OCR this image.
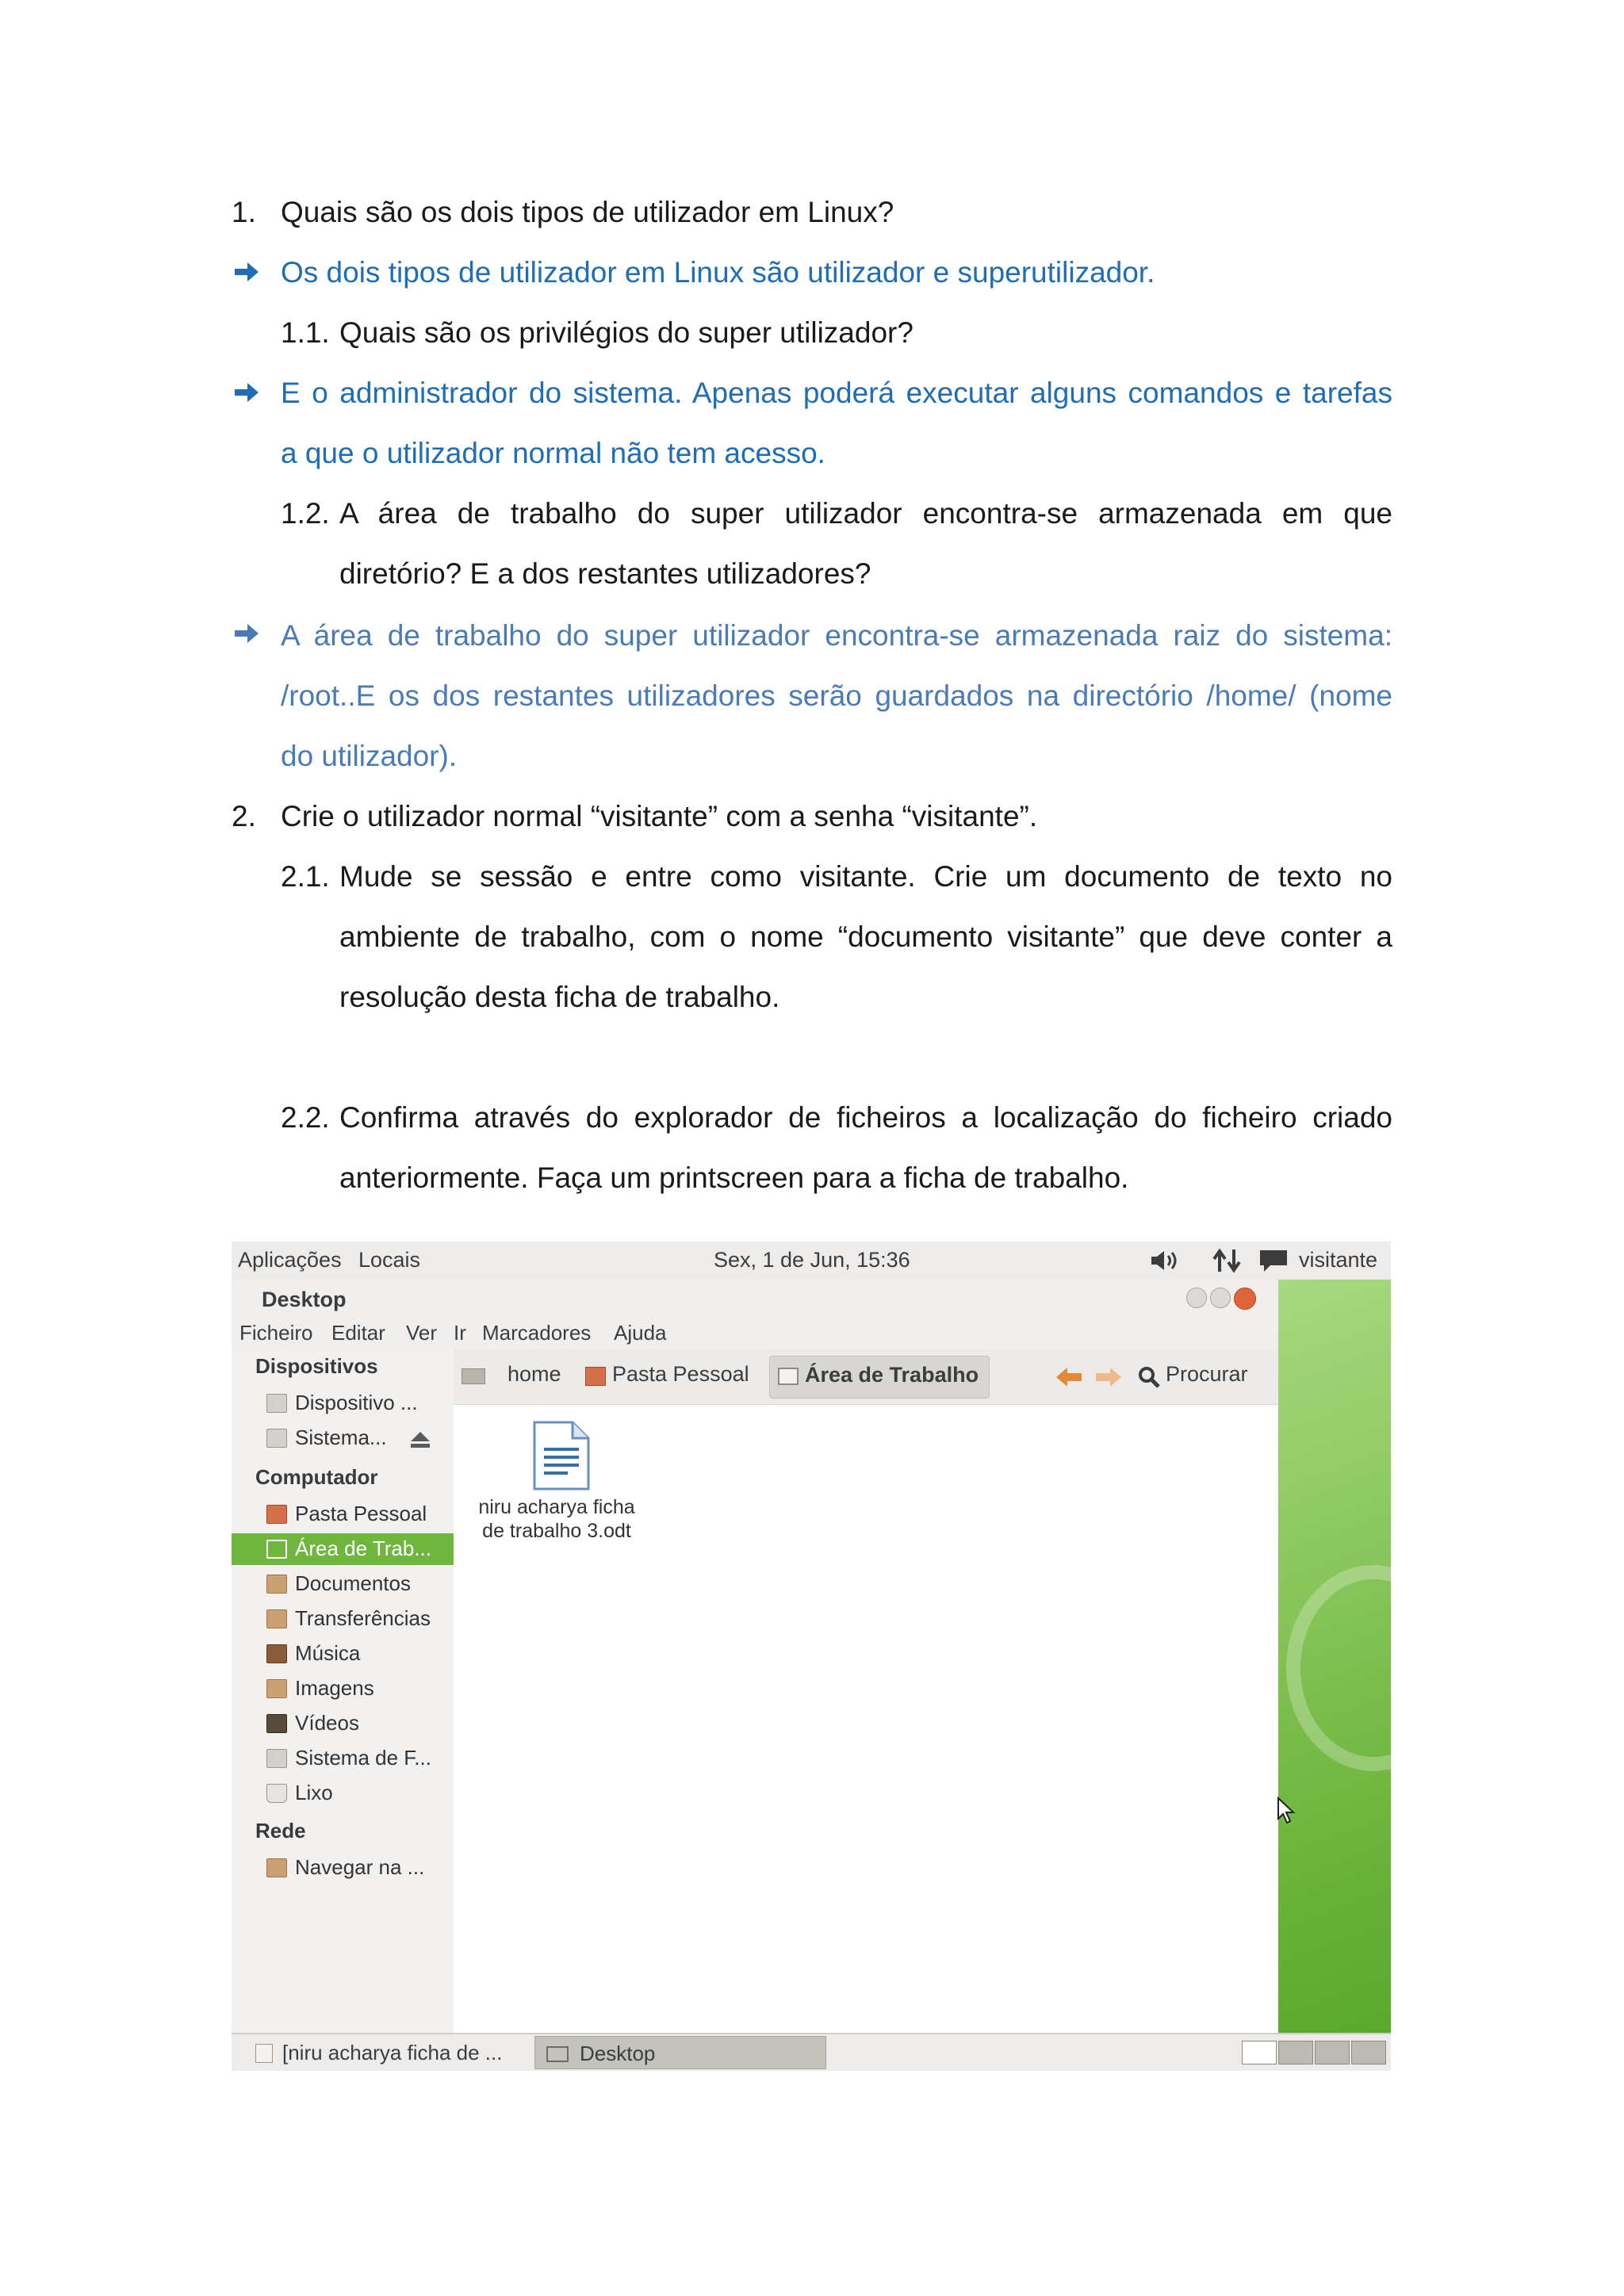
1. Quais são os dois tipos de utilizador em Linux?
Os dois tipos de utilizador em Linux são utilizador e superutilizador.
1.1. Quais são os privilégios do super utilizador?
E o administrador do sistema. Apenas poderá executar alguns comandos e tarefas
a que o utilizador normal não tem acesso.
1.2. A área de trabalho do super utilizador encontra-se armazenada em que
diretório? E a dos restantes utilizadores?
A área de trabalho do super utilizador encontra-se armazenada raiz do sistema:
/root..E os dos restantes utilizadores serão guardados na directório /home/ (nome
do utilizador).
2. Crie o utilizador normal “visitante” com a senha “visitante”.
2.1. Mude se sessão e entre como visitante. Crie um documento de texto no
ambiente de trabalho, com o nome “documento visitante” que deve conter a
resolução desta ficha de trabalho.
2.2. Confirma através do explorador de ficheiros a localização do ficheiro criado
anteriormente. Faça um printscreen para a ficha de trabalho.
Aplicações Locais	Sex, 1 de Jun, 15:36	visitante
Desktop
Ficheiro Editar Ver Ir Marcadores Ajuda
home Pasta Pessoal	Área de Trabalho	Procurar
Dispositivos
Dispositivo ...
Sistema...
Computador
Pasta Pessoal
Área de Trab...
Documentos
Transferências
Música
Imagens
Vídeos
Sistema de F...
Lixo
Rede
Navegar na ...
niru acharya ficha
de trabalho 3.odt
[niru acharya ficha de ...	Desktop
